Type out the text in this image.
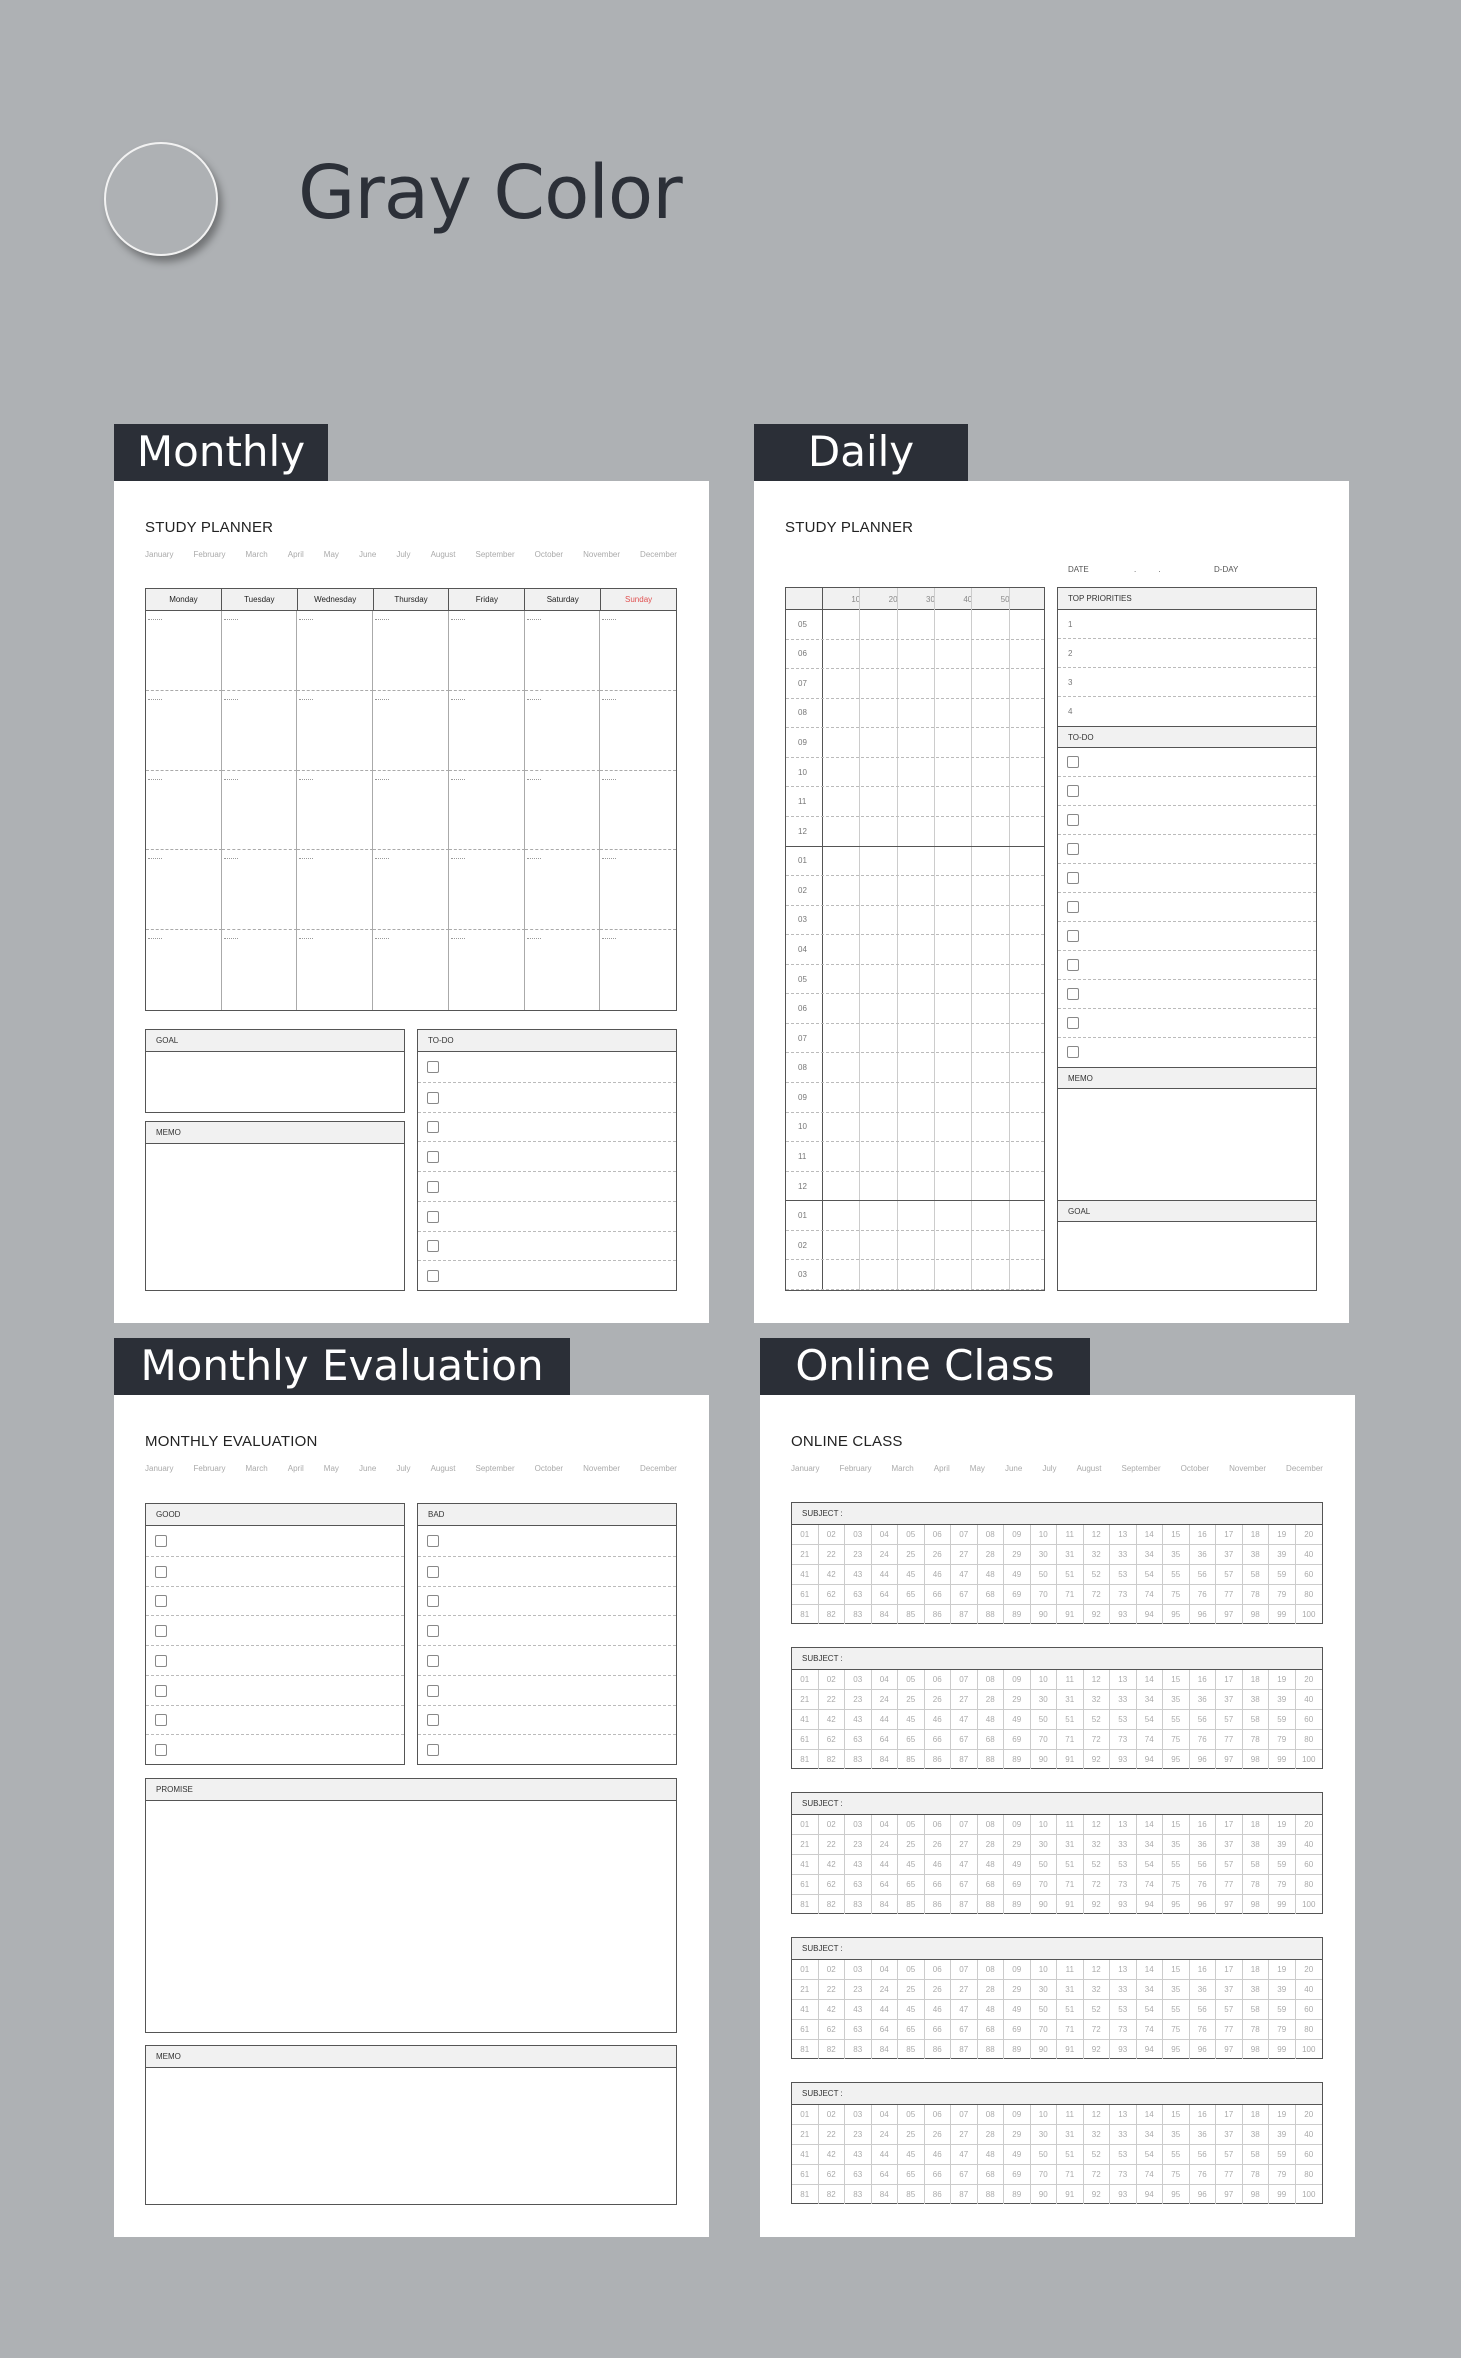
Gray Color
Monthly
STUDY PLANNER
January	February	March	April	May	June	July	August	September	October	November	December
Monday	Tuesday	Wednesday	Thursday	Friday	Saturday	Sunday
GOAL
MEMO
TO-DO
Daily
STUDY PLANNER
DATE	.          .	D-DAY
10	20	30	40	50
05
06
07
08
09
10
11
12
01
02
03
04
05
06
07
08
09
10
11
12
01
02
03
TOP PRIORITIES
1
2
3
4
TO-DO
MEMO
GOAL
Monthly Evaluation
MONTHLY EVALUATION
January	February	March	April	May	June	July	August	September	October	November	December
GOOD	BAD
PROMISE
MEMO
Online Class
ONLINE CLASS
January	February	March	April	May	June	July	August	September	October	November	December
SUBJECT :
01	02	03	04	05	06	07	08	09	10	11	12	13	14	15	16	17	18	19	20
21	22	23	24	25	26	27	28	29	30	31	32	33	34	35	36	37	38	39	40
41	42	43	44	45	46	47	48	49	50	51	52	53	54	55	56	57	58	59	60
61	62	63	64	65	66	67	68	69	70	71	72	73	74	75	76	77	78	79	80
81	82	83	84	85	86	87	88	89	90	91	92	93	94	95	96	97	98	99	100
SUBJECT :
01	02	03	04	05	06	07	08	09	10	11	12	13	14	15	16	17	18	19	20
21	22	23	24	25	26	27	28	29	30	31	32	33	34	35	36	37	38	39	40
41	42	43	44	45	46	47	48	49	50	51	52	53	54	55	56	57	58	59	60
61	62	63	64	65	66	67	68	69	70	71	72	73	74	75	76	77	78	79	80
81	82	83	84	85	86	87	88	89	90	91	92	93	94	95	96	97	98	99	100
SUBJECT :
01	02	03	04	05	06	07	08	09	10	11	12	13	14	15	16	17	18	19	20
21	22	23	24	25	26	27	28	29	30	31	32	33	34	35	36	37	38	39	40
41	42	43	44	45	46	47	48	49	50	51	52	53	54	55	56	57	58	59	60
61	62	63	64	65	66	67	68	69	70	71	72	73	74	75	76	77	78	79	80
81	82	83	84	85	86	87	88	89	90	91	92	93	94	95	96	97	98	99	100
SUBJECT :
01	02	03	04	05	06	07	08	09	10	11	12	13	14	15	16	17	18	19	20
21	22	23	24	25	26	27	28	29	30	31	32	33	34	35	36	37	38	39	40
41	42	43	44	45	46	47	48	49	50	51	52	53	54	55	56	57	58	59	60
61	62	63	64	65	66	67	68	69	70	71	72	73	74	75	76	77	78	79	80
81	82	83	84	85	86	87	88	89	90	91	92	93	94	95	96	97	98	99	100
SUBJECT :
01	02	03	04	05	06	07	08	09	10	11	12	13	14	15	16	17	18	19	20
21	22	23	24	25	26	27	28	29	30	31	32	33	34	35	36	37	38	39	40
41	42	43	44	45	46	47	48	49	50	51	52	53	54	55	56	57	58	59	60
61	62	63	64	65	66	67	68	69	70	71	72	73	74	75	76	77	78	79	80
81	82	83	84	85	86	87	88	89	90	91	92	93	94	95	96	97	98	99	100
